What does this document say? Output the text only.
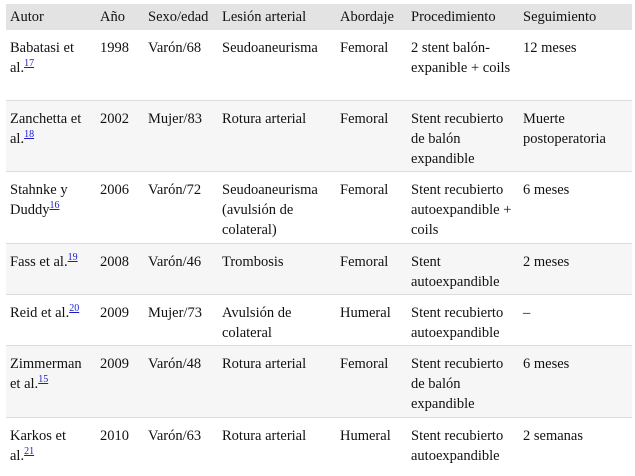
Autor	Año	Sexo/edad	Lesión arterial	Abordaje	Procedimiento	Seguimiento
Babatasi et al.$^{17}$	1998	Varón/68	Seudoaneurisma	Femoral	2 stent balón-expanible + coils	12 meses
Zanchetta et al.$^{18}$	2002	Mujer/83	Rotura arterial	Femoral	Stent recubierto de balón expandible	Muerte postoperatoria
Stahnke y Duddy$^{16}$	2006	Varón/72	Seudoaneurisma (avulsión de colateral)	Femoral	Stent recubierto autoexpandible + coils	6 meses
Fass et al.$^{19}$	2008	Varón/46	Trombosis	Femoral	Stent autoexpandible	2 meses
Reid et al.$^{20}$	2009	Mujer/73	Avulsión de colateral	Humeral	Stent recubierto autoexpandible	–
Zimmerman et al.$^{15}$	2009	Varón/48	Rotura arterial	Femoral	Stent recubierto de balón expandible	6 meses
Karkos et al.$^{21}$	2010	Varón/63	Rotura arterial	Humeral	Stent recubierto autoexpandible	2 semanas
